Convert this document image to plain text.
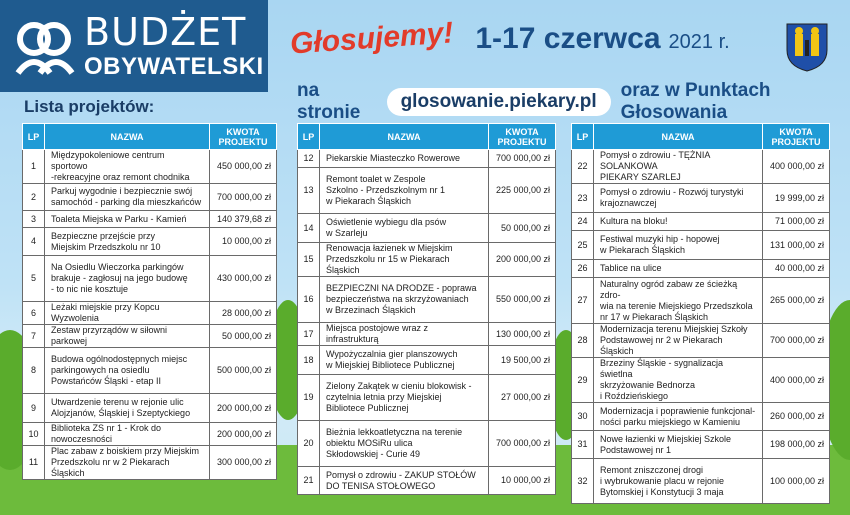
BUDŻET
OBYWATELSKI
Głosujemy! 1-17 czerwca 2021 r.
na stronie
glosowanie.piekary.pl
oraz w Punktach Głosowania
Lista projektów:
LP	NAZWA	KWOTA
PROJEKTU
1	Międzypokoleniowe centrum sportowo
-rekreacyjne oraz remont chodnika	450 000,00 zł
2	Parkuj wygodnie i bezpiecznie swój
samochód - parking dla mieszkańców	700 000,00 zł
3	Toaleta Miejska w Parku - Kamień	140 379,68 zł
4	Bezpieczne przejście przy
Miejskim Przedszkolu nr 10	10 000,00 zł
5	Na Osiedlu Wieczorka parkingów
brakuje - zagłosuj na jego budowę
- to nic nie kosztuje	430 000,00 zł
6	Leżaki miejskie przy Kopcu Wyzwolenia	28 000,00 zł
7	Zestaw przyrządów w siłowni parkowej	50 000,00 zł
8	Budowa ogólnodostępnych miejsc
parkingowych na osiedlu
Powstańców Śląski - etap II	500 000,00 zł
9	Utwardzenie terenu w rejonie ulic
Alojzjanów, Śląskiej i Szeptyckiego	200 000,00 zł
10	Biblioteka ZS nr 1 - Krok do nowoczesności	200 000,00 zł
11	Plac zabaw z boiskiem przy Miejskim
Przedszkolu nr w 2 Piekarach Śląskich	300 000,00 zł
LP	NAZWA	KWOTA
PROJEKTU
12	Piekarskie Miasteczko Rowerowe	700 000,00 zł
13	Remont toalet w Zespole
Szkolno - Przedszkolnym nr 1
w Piekarach Śląskich	225 000,00 zł
14	Oświetlenie wybiegu dla psów
w Szarleju	50 000,00 zł
15	Renowacja łazienek w Miejskim
Przedszkolu nr 15 w Piekarach Śląskich	200 000,00 zł
16	BEZPIECZNI NA DRODZE - poprawa
bezpieczeństwa na skrzyżowaniach
w Brzezinach Śląskich	550 000,00 zł
17	Miejsca postojowe wraz z infrastrukturą	130 000,00 zł
18	Wypożyczalnia gier planszowych
w Miejskiej Bibliotece Publicznej	19 500,00 zł
19	Zielony Zakątek w cieniu blokowisk -
czytelnia letnia przy Miejskiej
Bibliotece Publicznej	27 000,00 zł
20	Bieżnia lekkoatletyczna na terenie
obiektu MOSiRu ulica
Skłodowskiej - Curie 49	700 000,00 zł
21	Pomysł o zdrowiu - ZAKUP STOŁÓW
DO TENISA STOŁOWEGO	10 000,00 zł
LP	NAZWA	KWOTA
PROJEKTU
22	Pomysł o zdrowiu - TĘŻNIA SOLANKOWA
PIEKARY SZARLEJ	400 000,00 zł
23	Pomysł o zdrowiu - Rozwój turystyki
krajoznawczej	19 999,00 zł
24	Kultura na bloku!	71 000,00 zł
25	Festiwal muzyki hip - hopowej
w Piekarach Śląskich	131 000,00 zł
26	Tablice na ulice	40 000,00 zł
27	Naturalny ogród zabaw ze ścieżką zdro-
wia na terenie Miejskiego Przedszkola
nr 17 w Piekarach Śląskich	265 000,00 zł
28	Modernizacja terenu Miejskiej Szkoły
Podstawowej nr 2 w Piekarach Śląskich	700 000,00 zł
29	Brzeziny Śląskie - sygnalizacja świetlna
skrzyżowanie Bednorza
i Roździeńskiego	400 000,00 zł
30	Modernizacja i poprawienie funkcjonal-
ności parku miejskiego w Kamieniu	260 000,00 zł
31	Nowe łazienki w Miejskiej Szkole
Podstawowej nr 1	198 000,00 zł
32	Remont zniszczonej drogi
i wybrukowanie placu w rejonie
Bytomskiej i Konstytucji 3 maja	100 000,00 zł
